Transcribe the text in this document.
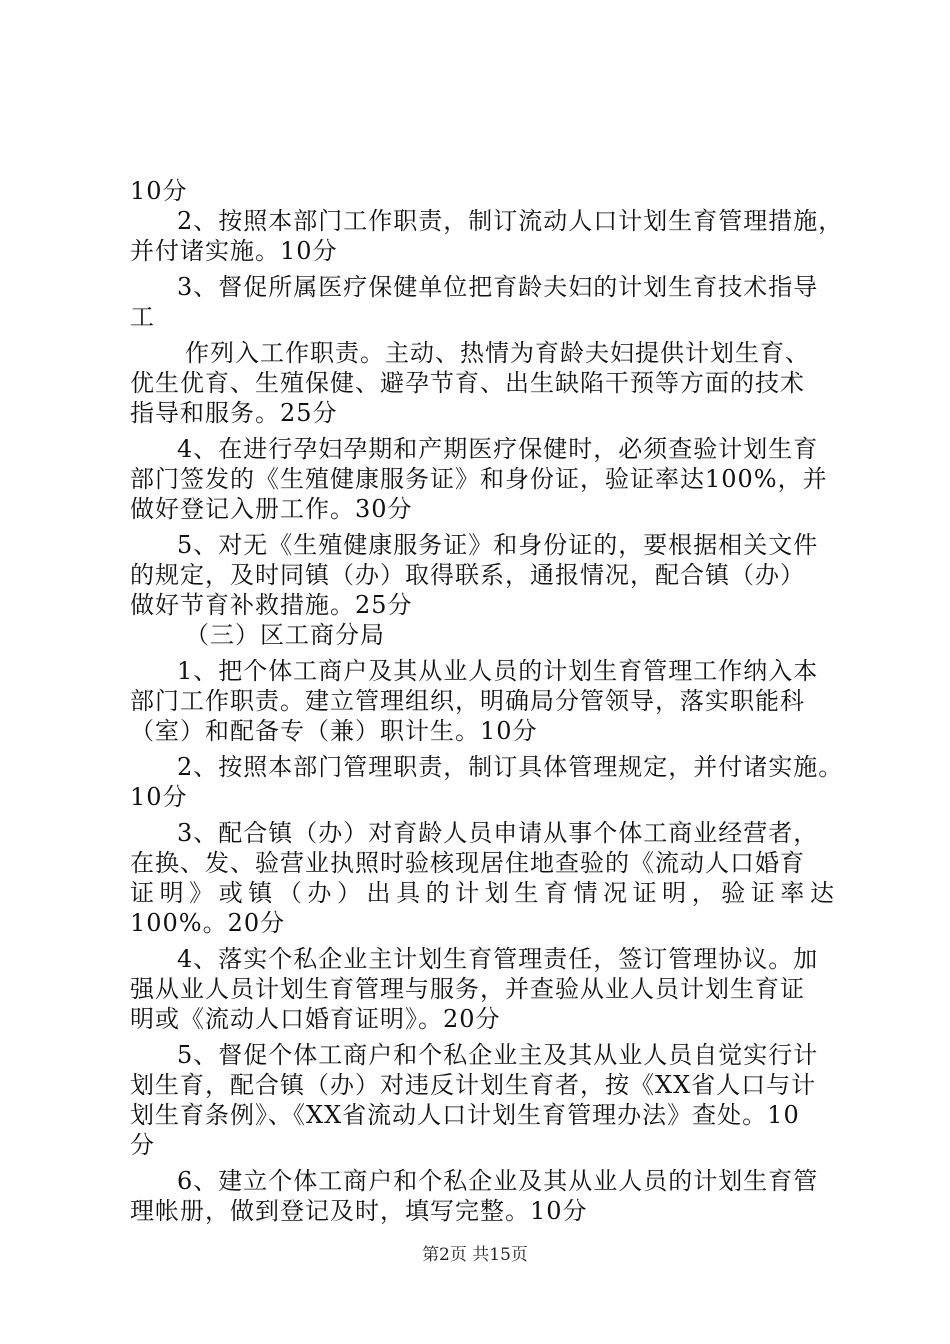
10分
2、按照本部门工作职责，制订流动人口计划生育管理措施，
并付诸实施。10分
3、督促所属医疗保健单位把育龄夫妇的计划生育技术指导
工
作列入工作职责。主动、热情为育龄夫妇提供计划生育、
优生优育、生殖保健、避孕节育、出生缺陷干预等方面的技术
指导和服务。25分
4、在进行孕妇孕期和产期医疗保健时，必须查验计划生育
部门签发的《生殖健康服务证》和身份证，验证率达100%，并
做好登记入册工作。30分
5、对无《生殖健康服务证》和身份证的，要根据相关文件
的规定，及时同镇（办）取得联系，通报情况，配合镇（办）
做好节育补救措施。25分
（三）区工商分局
1、把个体工商户及其从业人员的计划生育管理工作纳入本
部门工作职责。建立管理组织，明确局分管领导，落实职能科
（室）和配备专（兼）职计生。10分
2、按照本部门管理职责，制订具体管理规定，并付诸实施。
10分
3、配合镇（办）对育龄人员申请从事个体工商业经营者，
在换、发、验营业执照时验核现居住地查验的《流动人口婚育
证明》或镇（办）出具的计划生育情况证明，验证率达
100%。20分
4、落实个私企业主计划生育管理责任，签订管理协议。加
强从业人员计划生育管理与服务，并查验从业人员计划生育证
明或《流动人口婚育证明》。20分
5、督促个体工商户和个私企业主及其从业人员自觉实行计
划生育，配合镇（办）对违反计划生育者，按《XX省人口与计
划生育条例》、《XX省流动人口计划生育管理办法》查处。10
分
6、建立个体工商户和个私企业及其从业人员的计划生育管
理帐册，做到登记及时，填写完整。10分
第2页 共15页
